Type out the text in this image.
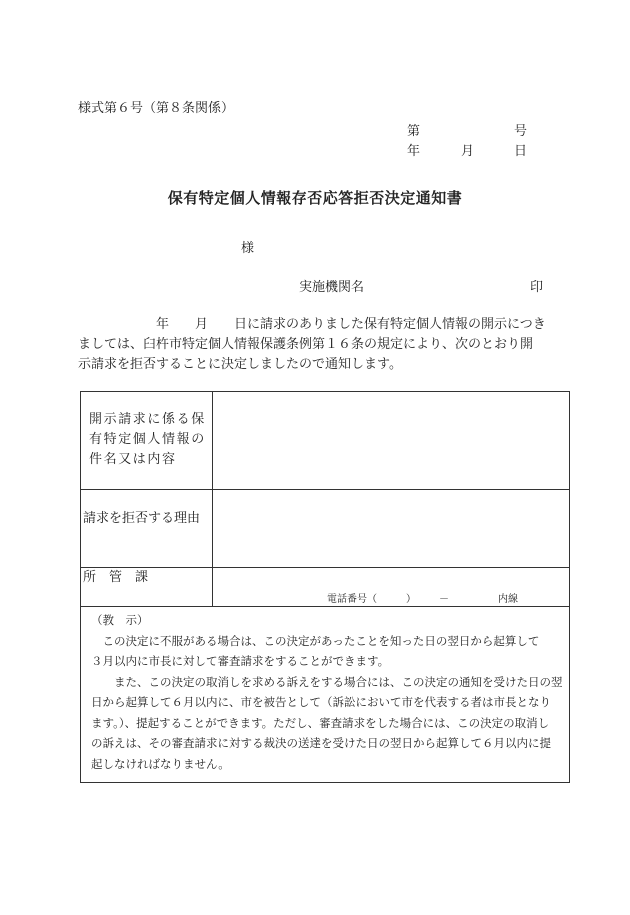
様式第６号（第８条関係）
第	号
年	月	日
保有特定個人情報存否応答拒否決定通知書
様
実施機関名	印
　　　　　　年　　月　　日に請求のありました保有特定個人情報の開示につき
ましては、臼杵市特定個人情報保護条例第１６条の規定により、次のとおり開
示請求を拒否することに決定しましたので通知します。
開示請求に係る保
有特定個人情報の
件名又は内容
請求を拒否する理由
所　管　課
電話番号（	） －	内線
（教　示）
　この決定に不服がある場合は、この決定があったことを知った日の翌日から起算して
３月以内に市長に対して審査請求をすることができます。
　　また、この決定の取消しを求める訴えをする場合には、この決定の通知を受けた日の翌
日から起算して６月以内に、市を被告として（訴訟において市を代表する者は市長となり
ます。）、提起することができます。ただし、審査請求をした場合には、この決定の取消し
の訴えは、その審査請求に対する裁決の送達を受けた日の翌日から起算して６月以内に提
起しなければなりません。
